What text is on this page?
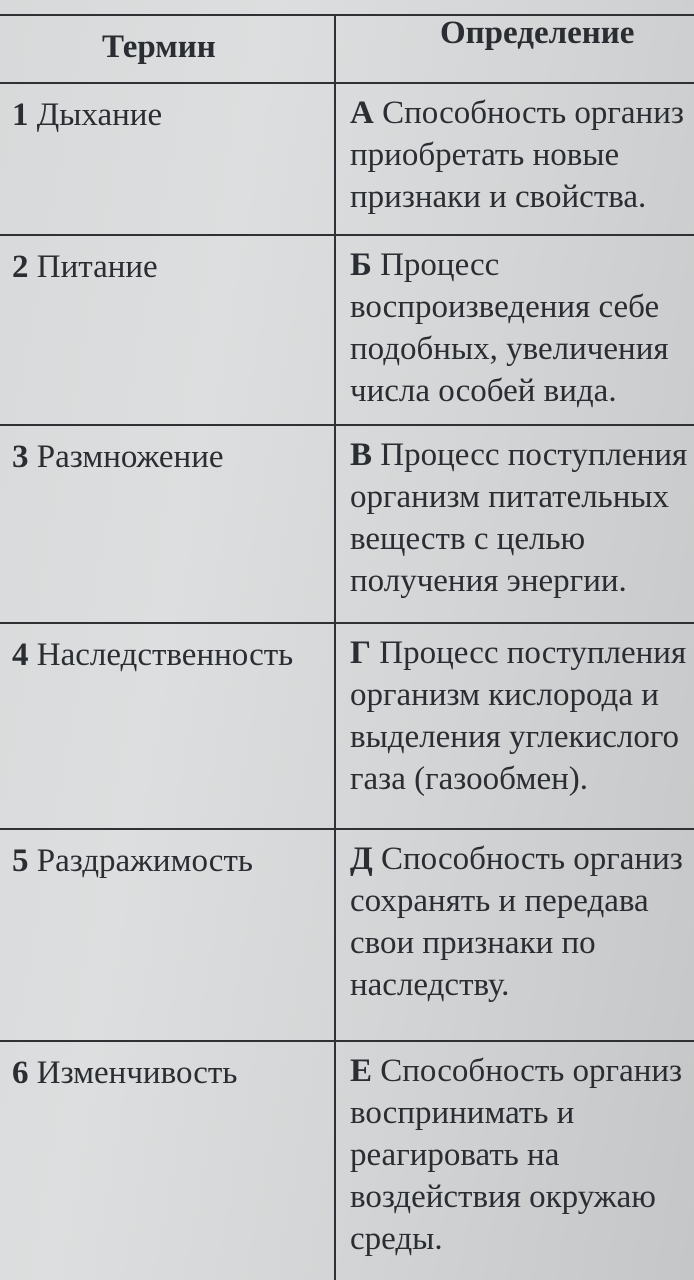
Термин	Определение

1 Дыхание	А Способность организ
приобретать новые
признаки и свойства.

2 Питание	Б Процесс
воспроизведения себе
подобных, увеличения
числа особей вида.

3 Размножение	В Процесс поступления
организм питательных
веществ с целью
получения энергии.

4 Наследственность	Г Процесс поступления
организм кислорода и
выделения углекислого
газа (газообмен).

5 Раздражимость	Д Способность организ
сохранять и передава
свои признаки по
наследству.

6 Изменчивость	Е Способность организ
воспринимать и
реагировать на
воздействия окружаю
среды.
